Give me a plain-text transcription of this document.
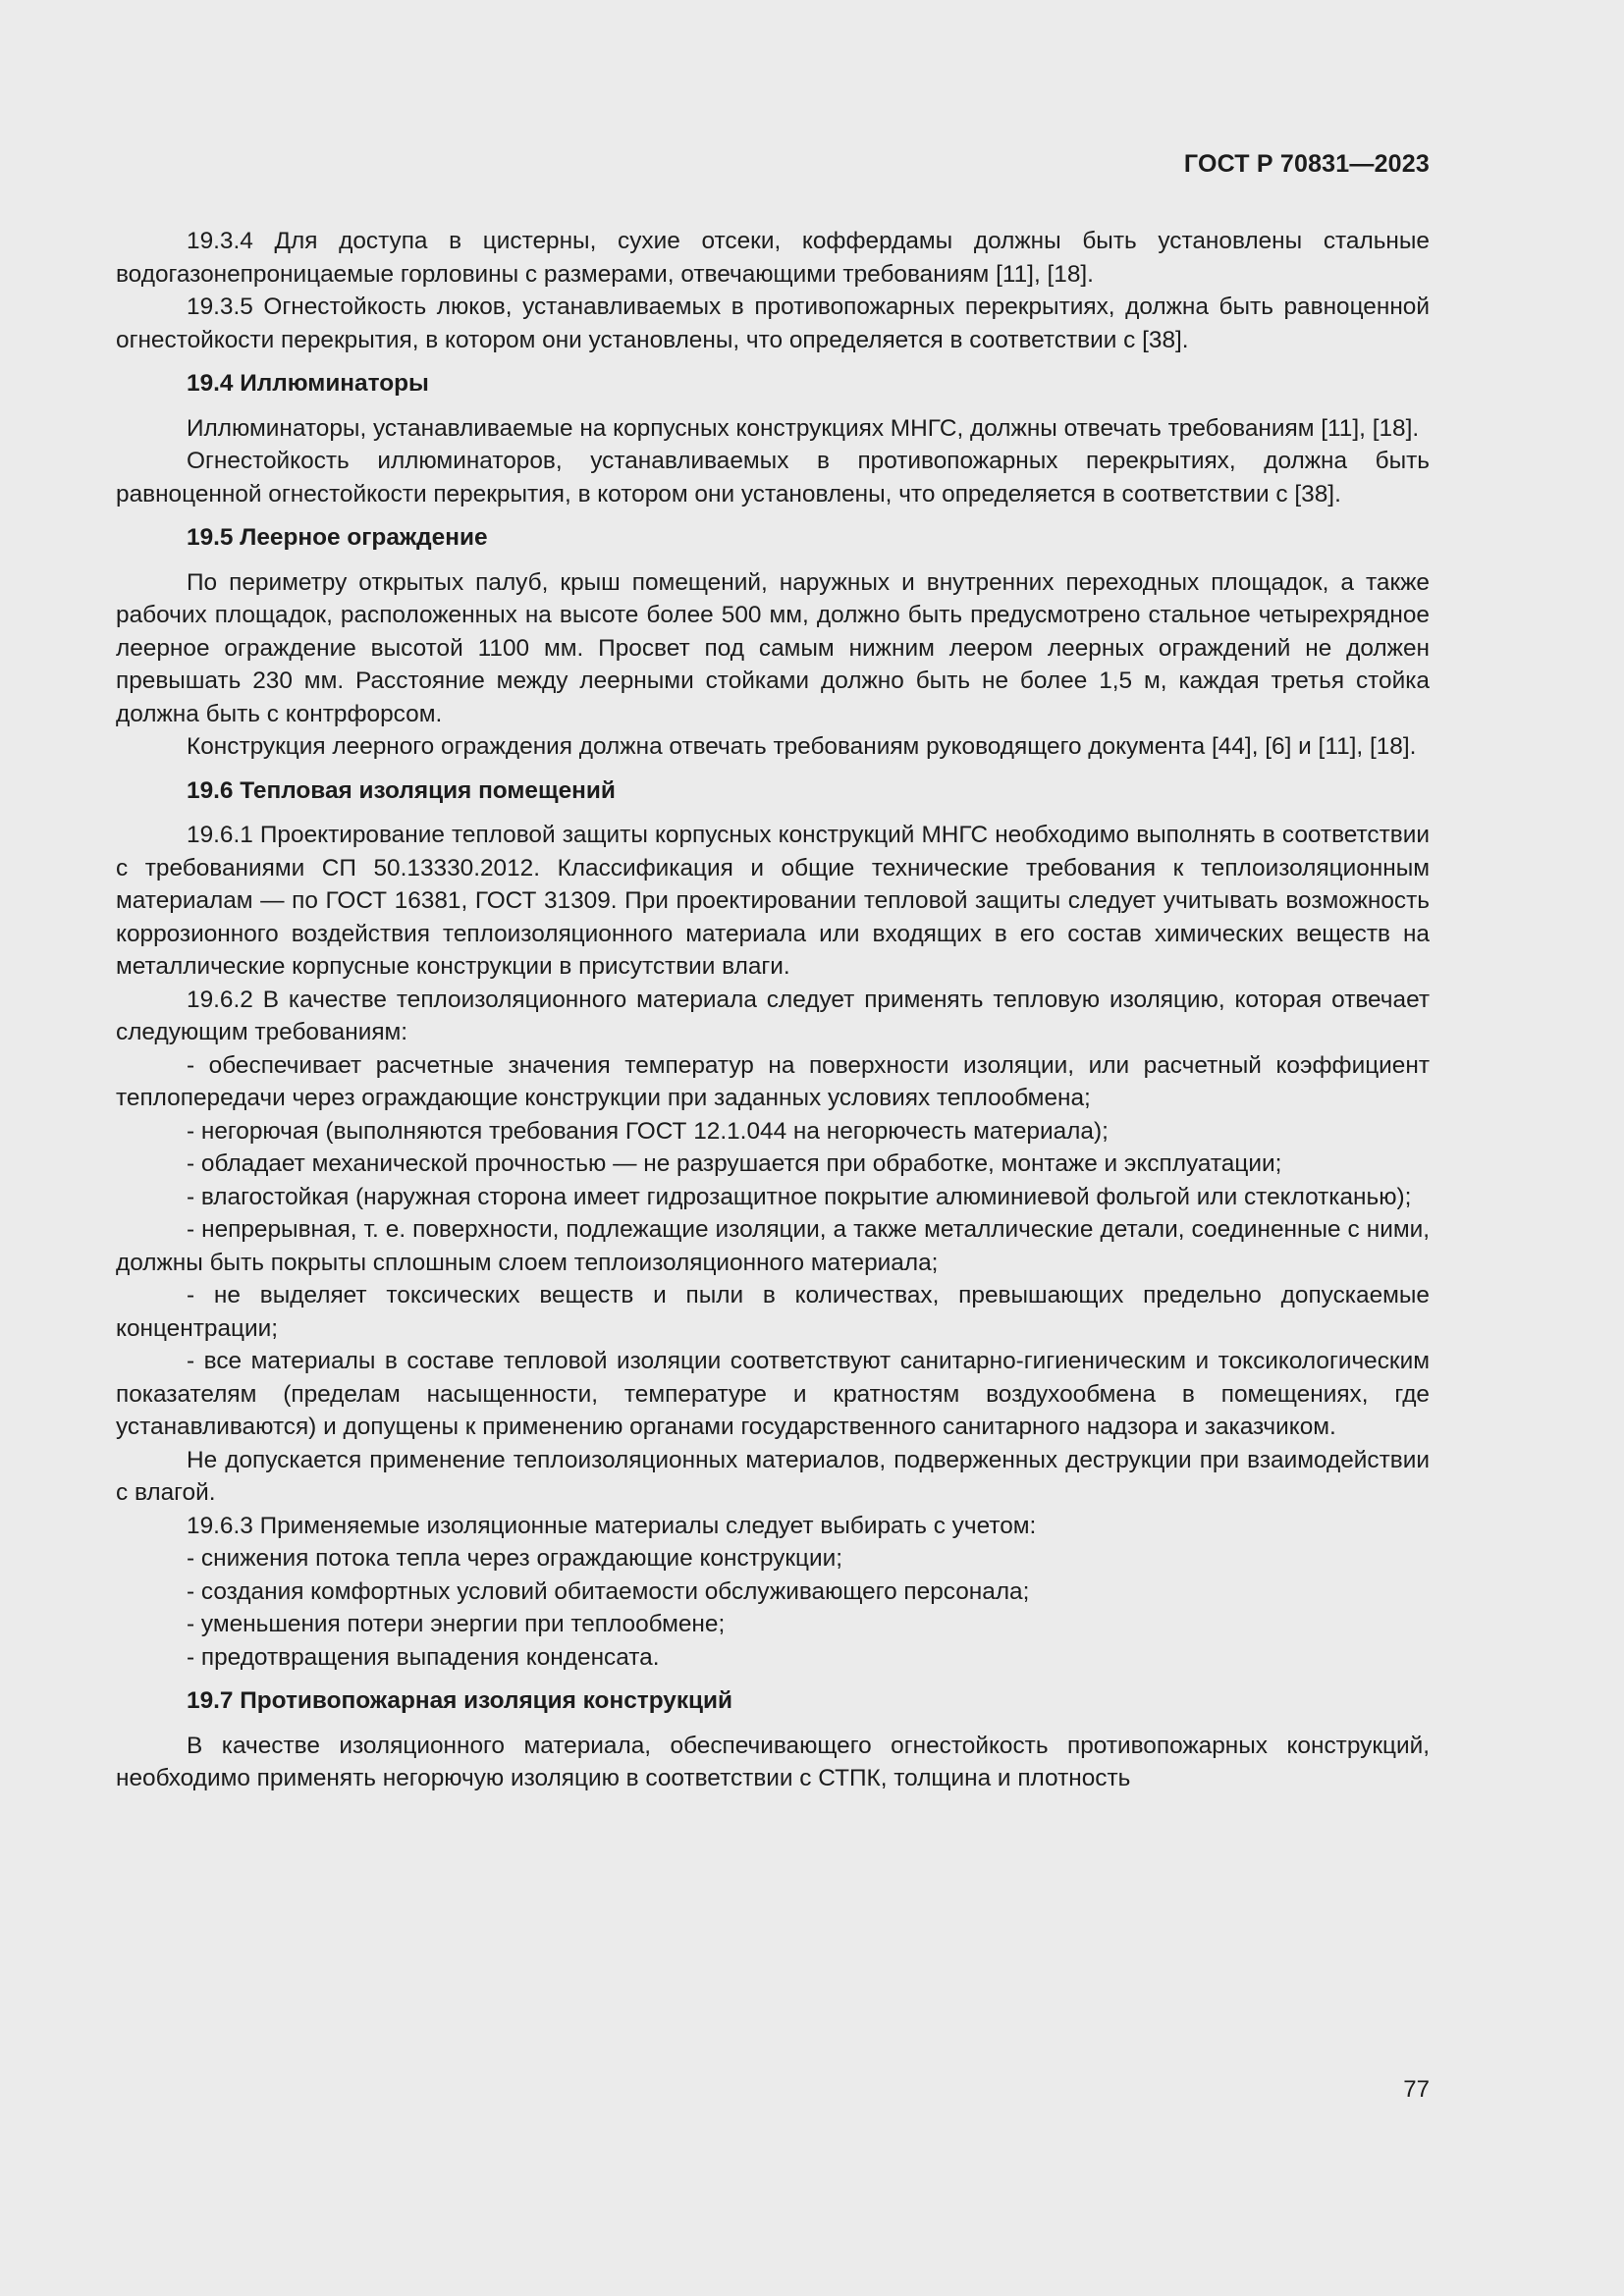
ГОСТ Р 70831—2023

19.3.4 Для доступа в цистерны, сухие отсеки, коффердамы должны быть установлены стальные водогазонепроницаемые горловины с размерами, отвечающими требованиям [11], [18].

19.3.5 Огнестойкость люков, устанавливаемых в противопожарных перекрытиях, должна быть равноценной огнестойкости перекрытия, в котором они установлены, что определяется в соответствии с [38].

19.4 Иллюминаторы

Иллюминаторы, устанавливаемые на корпусных конструкциях МНГС, должны отвечать требованиям [11], [18].

Огнестойкость иллюминаторов, устанавливаемых в противопожарных перекрытиях, должна быть равноценной огнестойкости перекрытия, в котором они установлены, что определяется в соответствии с [38].

19.5 Леерное ограждение

По периметру открытых палуб, крыш помещений, наружных и внутренних переходных площадок, а также рабочих площадок, расположенных на высоте более 500 мм, должно быть предусмотрено стальное четырехрядное леерное ограждение высотой 1100 мм. Просвет под самым нижним леером леерных ограждений не должен превышать 230 мм. Расстояние между леерными стойками должно быть не более 1,5 м, каждая третья стойка должна быть с контрфорсом.

Конструкция леерного ограждения должна отвечать требованиям руководящего документа [44], [6] и [11], [18].

19.6 Тепловая изоляция помещений

19.6.1 Проектирование тепловой защиты корпусных конструкций МНГС необходимо выполнять в соответствии с требованиями СП 50.13330.2012. Классификация и общие технические требования к теплоизоляционным материалам — по ГОСТ 16381, ГОСТ 31309. При проектировании тепловой защиты следует учитывать возможность коррозионного воздействия теплоизоляционного материала или входящих в его состав химических веществ на металлические корпусные конструкции в присутствии влаги.

19.6.2 В качестве теплоизоляционного материала следует применять тепловую изоляцию, которая отвечает следующим требованиям:

- обеспечивает расчетные значения температур на поверхности изоляции, или расчетный коэффициент теплопередачи через ограждающие конструкции при заданных условиях теплообмена;

- негорючая (выполняются требования ГОСТ 12.1.044 на негорючесть материала);

- обладает механической прочностью — не разрушается при обработке, монтаже и эксплуатации;

- влагостойкая (наружная сторона имеет гидрозащитное покрытие алюминиевой фольгой или стеклотканью);

- непрерывная, т. е. поверхности, подлежащие изоляции, а также металлические детали, соединенные с ними, должны быть покрыты сплошным слоем теплоизоляционного материала;

- не выделяет токсических веществ и пыли в количествах, превышающих предельно допускаемые концентрации;

- все материалы в составе тепловой изоляции соответствуют санитарно-гигиеническим и токсикологическим показателям (пределам насыщенности, температуре и кратностям воздухообмена в помещениях, где устанавливаются) и допущены к применению органами государственного санитарного надзора и заказчиком.

Не допускается применение теплоизоляционных материалов, подверженных деструкции при взаимодействии с влагой.

19.6.3 Применяемые изоляционные материалы следует выбирать с учетом:

- снижения потока тепла через ограждающие конструкции;

- создания комфортных условий обитаемости обслуживающего персонала;

- уменьшения потери энергии при теплообмене;

- предотвращения выпадения конденсата.

19.7 Противопожарная изоляция конструкций

В качестве изоляционного материала, обеспечивающего огнестойкость противопожарных конструкций, необходимо применять негорючую изоляцию в соответствии с СТПК, толщина и плотность

77
